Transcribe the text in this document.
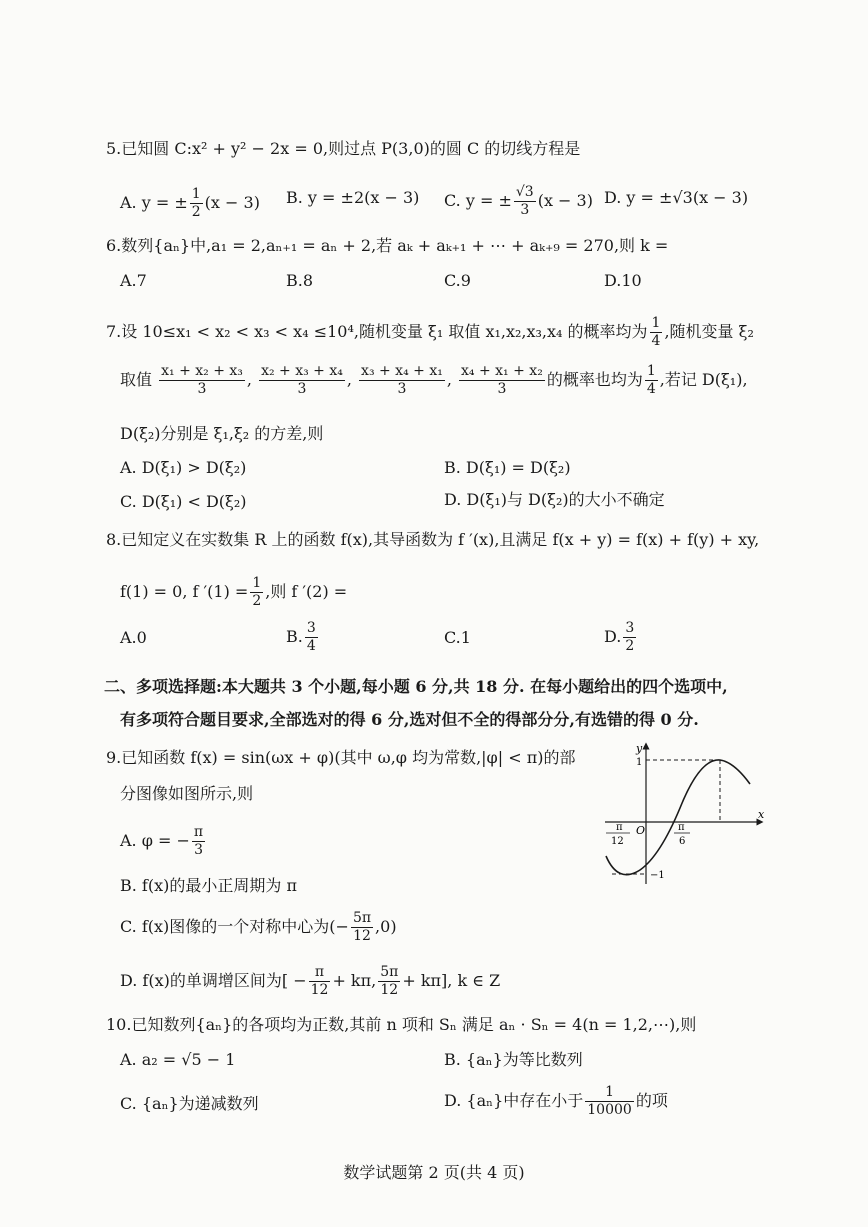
5.已知圆 C:x² + y² − 2x = 0,则过点 P(3,0)的圆 C 的切线方程是
A. y = ± $\frac{1}{2} (x - 3)$ B. y = ±2(x − 3) C. y = ± $\frac{√3}{3} (x - 3)$ D. y = ±√3(x − 3)
6.数列{aₙ}中,a₁ = 2,aₙ₊₁ = aₙ + 2,若 aₖ + aₖ₊₁ + ⋯ + aₖ₊₉ = 270,则 k =
A.7	B.8	C.9	D.10
7.设 10≤x₁ < x₂ < x₃ < x₄ ≤10⁴,随机变量 ξ₁ 取值 x₁,x₂,x₃,x₄ 的概率均为 $\frac{1}{4}$ ,随机变量 ξ₂
取值 $\frac{\text{x₁ + x₂ + x₃}}{3}$ , $\frac{\text{x₂ + x₃ + x₄}}{3}$ , $\frac{\text{x₃ + x₄ + x₁}}{3}$ , $\frac{\text{x₄ + x₁ + x₂}}{3}$ 的概率也均为 $\frac{1}{4}$ ,若记 D(ξ₁),
D(ξ₂)分别是 ξ₁,ξ₂ 的方差,则
A. D(ξ₁) > D(ξ₂)	B. D(ξ₁) = D(ξ₂)
C. D(ξ₁) < D(ξ₂)	D. D(ξ₁)与 D(ξ₂)的大小不确定
8.已知定义在实数集 R 上的函数 f(x),其导函数为 f ′(x),且满足 f(x + y) = f(x) + f(y) + xy,
f(1) = 0, f $'(1) = \frac{1}{2}$ ,则 f ′(2) =
A.0	B. $\frac{3}{4}$	C.1	D. $\frac{3}{2}$
二、多项选择题:本大题共 3 个小题,每小题 6 分,共 18 分. 在每小题给出的四个选项中,
有多项符合题目要求,全部选对的得 6 分,选对但不全的得部分分,有选错的得 0 分.
9.已知函数 f(x) = sin(ωx + φ)(其中 ω,φ 均为常数,|φ| < π)的部
分图像如图所示,则
A. φ = − $\frac{\pi}{3}$
B. f(x)的最小正周期为 π
C. f(x)图像的一个对称中心为(− $\frac{5\pi}{12} ,0$)
D. f(x)的单调增区间为[ − $\frac{\pi}{12} + k\pi$, $\frac{5\pi}{12} + k\pi$], k ∈ Z
y
1
x
O
−1
π
12
π
6
10.已知数列{aₙ}的各项均为正数,其前 n 项和 Sₙ 满足 aₙ · Sₙ = 4(n = 1,2,⋯),则
A. a₂ = √5 − 1	B. {aₙ}为等比数列
C. {aₙ}为递减数列	D. {aₙ}中存在小于 $\frac{1}{10000}$ 的项
数学试题第 2 页(共 4 页)
